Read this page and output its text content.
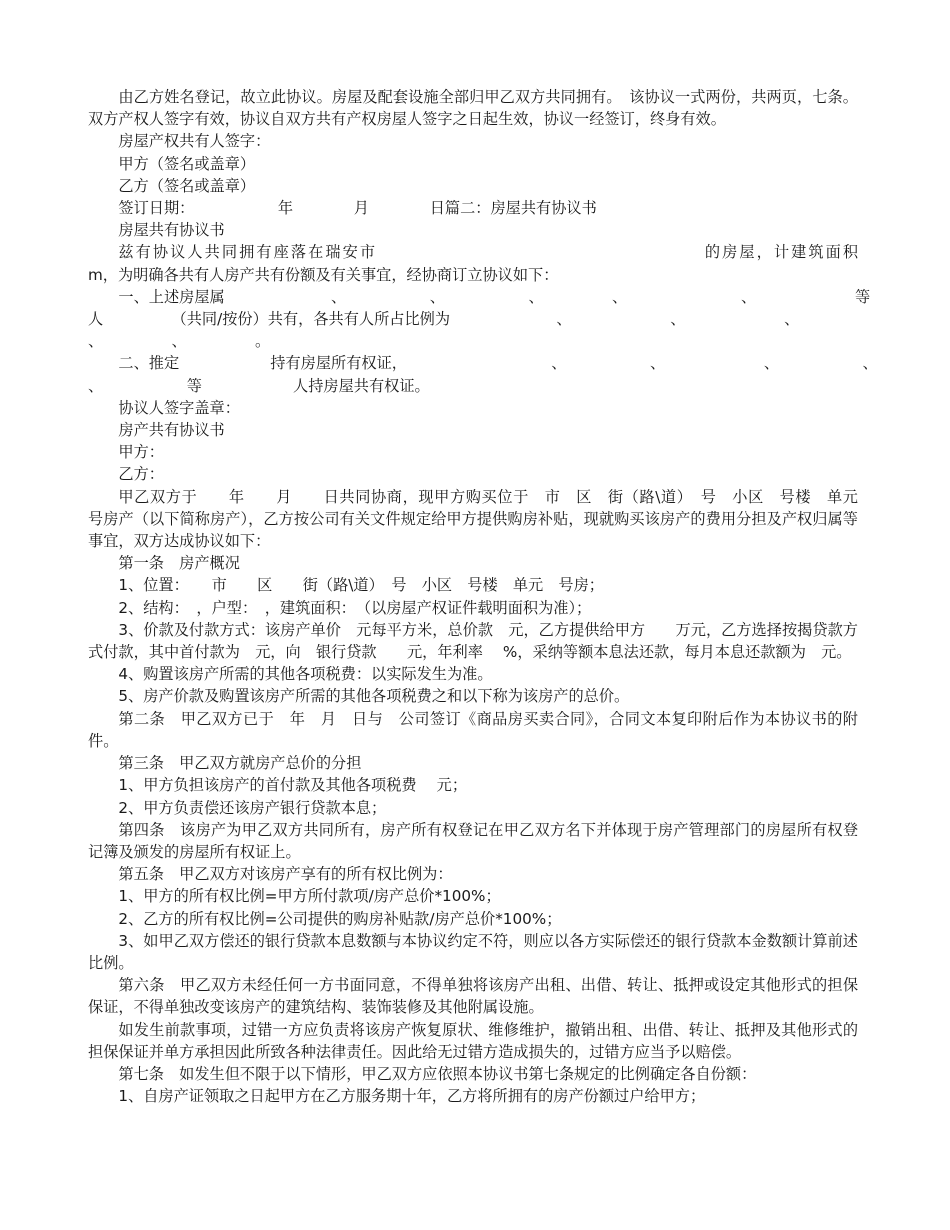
由乙方姓名登记，故立此协议。房屋及配套设施全部归甲乙双方共同拥有。　该协议一式两份，共两页，七条。双方产权人签字有效，协议自双方共有产权房屋人签字之日起生效，协议一经签订，终身有效。

房屋产权共有人签字：

甲方（签名或盖章）

乙方（签名或盖章）

签订日期：　　　　　　年　　　　月　　　　日篇二：房屋共有协议书

房屋共有协议书

兹有协议人共同拥有座落在瑞安市　　　　　　　　　　　　　　　　　　　的房屋，计建筑面积　　　　　　m，为明确各共有人房产共有份额及有关事宜，经协商订立协议如下：

一、上述房屋属　　　　　　　、　　　　　　、　　　　　　、　　　　　、　　　　　　　　、　　　　　　　等

人　　　　　（共同/按份）共有，各共有人所占比例为　　　　　　　、　　　　　　　、　　　　　　　、

、　　　　　、　　　　　。

二、推定　　　　　　持有房屋所有权证，　　　　　　　　　　、　　　　　　、　　　　　　　、　　　　　　、

、　　　　　　等　　　　　　人持房屋共有权证。

协议人签字盖章：

房产共有协议书

甲方：

乙方：

甲乙双方于　　年　　月　　日共同协商，现甲方购买位于　市　区　街（路\道）　号　小区　号楼　单元　号房产（以下简称房产），乙方按公司有关文件规定给甲方提供购房补贴，现就购买该房产的费用分担及产权归属等事宜，双方达成协议如下：

第一条　房产概况

1、位置：　　市　　区　　街（路\道）　号　小区　号楼　单元　号房；

2、结构：　，户型：　，建筑面积：　（以房屋产权证件载明面积为准）；

3、价款及付款方式：该房产单价　元每平方米，总价款　元，乙方提供给甲方　　万元，乙方选择按揭贷款方式付款，其中首付款为　元，向　银行贷款　　元，年利率　 %，采纳等额本息法还款，每月本息还款额为　元。

4、购置该房产所需的其他各项税费：以实际发生为准。

5、房产价款及购置该房产所需的其他各项税费之和以下称为该房产的总价。

第二条　甲乙双方已于　年　月　日与　公司签订《商品房买卖合同》，合同文本复印附后作为本协议书的附件。

第三条　甲乙双方就房产总价的分担

1、甲方负担该房产的首付款及其他各项税费　 元；

2、甲方负责偿还该房产银行贷款本息；

第四条　该房产为甲乙双方共同所有，房产所有权登记在甲乙双方名下并体现于房产管理部门的房屋所有权登记簿及颁发的房屋所有权证上。

第五条　甲乙双方对该房产享有的所有权比例为：

1、甲方的所有权比例=甲方所付款项/房产总价*100%；

2、乙方的所有权比例=公司提供的购房补贴款/房产总价*100%；

3、如甲乙双方偿还的银行贷款本息数额与本协议约定不符，则应以各方实际偿还的银行贷款本金数额计算前述比例。

第六条　甲乙双方未经任何一方书面同意，不得单独将该房产出租、出借、转让、抵押或设定其他形式的担保保证，不得单独改变该房产的建筑结构、装饰装修及其他附属设施。

如发生前款事项，过错一方应负责将该房产恢复原状、维修维护，撤销出租、出借、转让、抵押及其他形式的担保保证并单方承担因此所致各种法律责任。因此给无过错方造成损失的，过错方应当予以赔偿。

第七条　如发生但不限于以下情形，甲乙双方应依照本协议书第七条规定的比例确定各自份额：

1、自房产证领取之日起甲方在乙方服务期十年，乙方将所拥有的房产份额过户给甲方；
